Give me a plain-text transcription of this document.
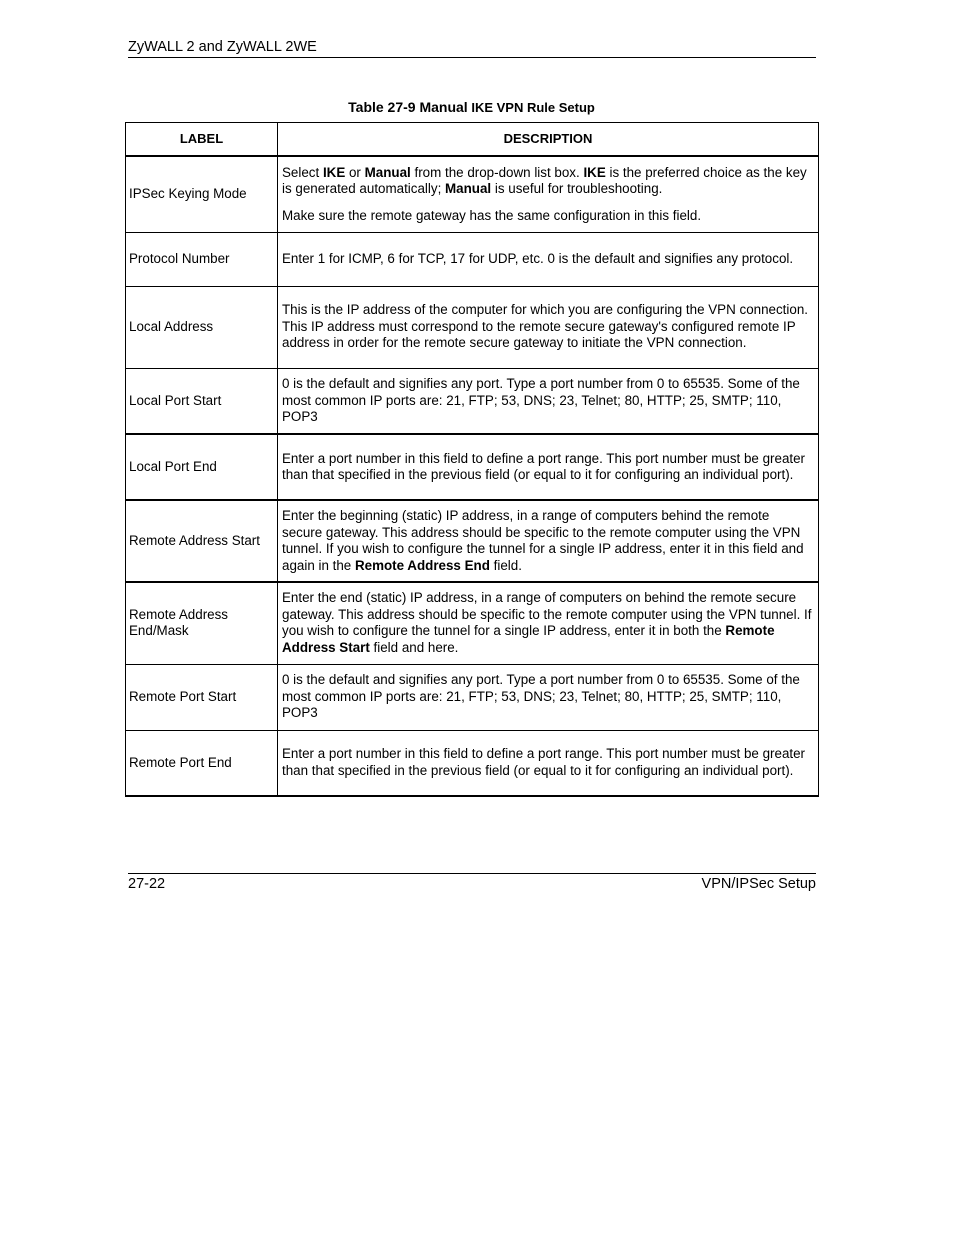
ZyWALL 2 and ZyWALL 2WE
Table 27-9 Manual IKE VPN Rule Setup
LABEL	DESCRIPTION
IPSec Keying Mode	Select IKE or Manual from the drop-down list box. IKE is the preferred choice as the key is generated automatically; Manual is useful for troubleshooting.

Make sure the remote gateway has the same configuration in this field.

Protocol Number	Enter 1 for ICMP, 6 for TCP, 17 for UDP, etc. 0 is the default and signifies any protocol.

Local Address	This is the IP address of the computer for which you are configuring the VPN connection. This IP address must correspond to the remote secure gateway's configured remote IP address in order for the remote secure gateway to initiate the VPN connection.

Local Port Start	0 is the default and signifies any port. Type a port number from 0 to 65535. Some of the most common IP ports are: 21, FTP; 53, DNS; 23, Telnet; 80, HTTP; 25, SMTP; 110, POP3

Local Port End	Enter a port number in this field to define a port range. This port number must be greater than that specified in the previous field (or equal to it for configuring an individual port).

Remote Address Start	Enter the beginning (static) IP address, in a range of computers behind the remote secure gateway. This address should be specific to the remote computer using the VPN tunnel. If you wish to configure the tunnel for a single IP address, enter it in this field and again in the Remote Address End field.

Remote Address End/Mask	Enter the end (static) IP address, in a range of computers on behind the remote secure gateway. This address should be specific to the remote computer using the VPN tunnel. If you wish to configure the tunnel for a single IP address, enter it in both the Remote Address Start field and here.

Remote Port Start	0 is the default and signifies any port. Type a port number from 0 to 65535. Some of the most common IP ports are: 21, FTP; 53, DNS; 23, Telnet; 80, HTTP; 25, SMTP; 110, POP3

Remote Port End	Enter a port number in this field to define a port range. This port number must be greater than that specified in the previous field (or equal to it for configuring an individual port).

27-22	VPN/IPSec Setup
